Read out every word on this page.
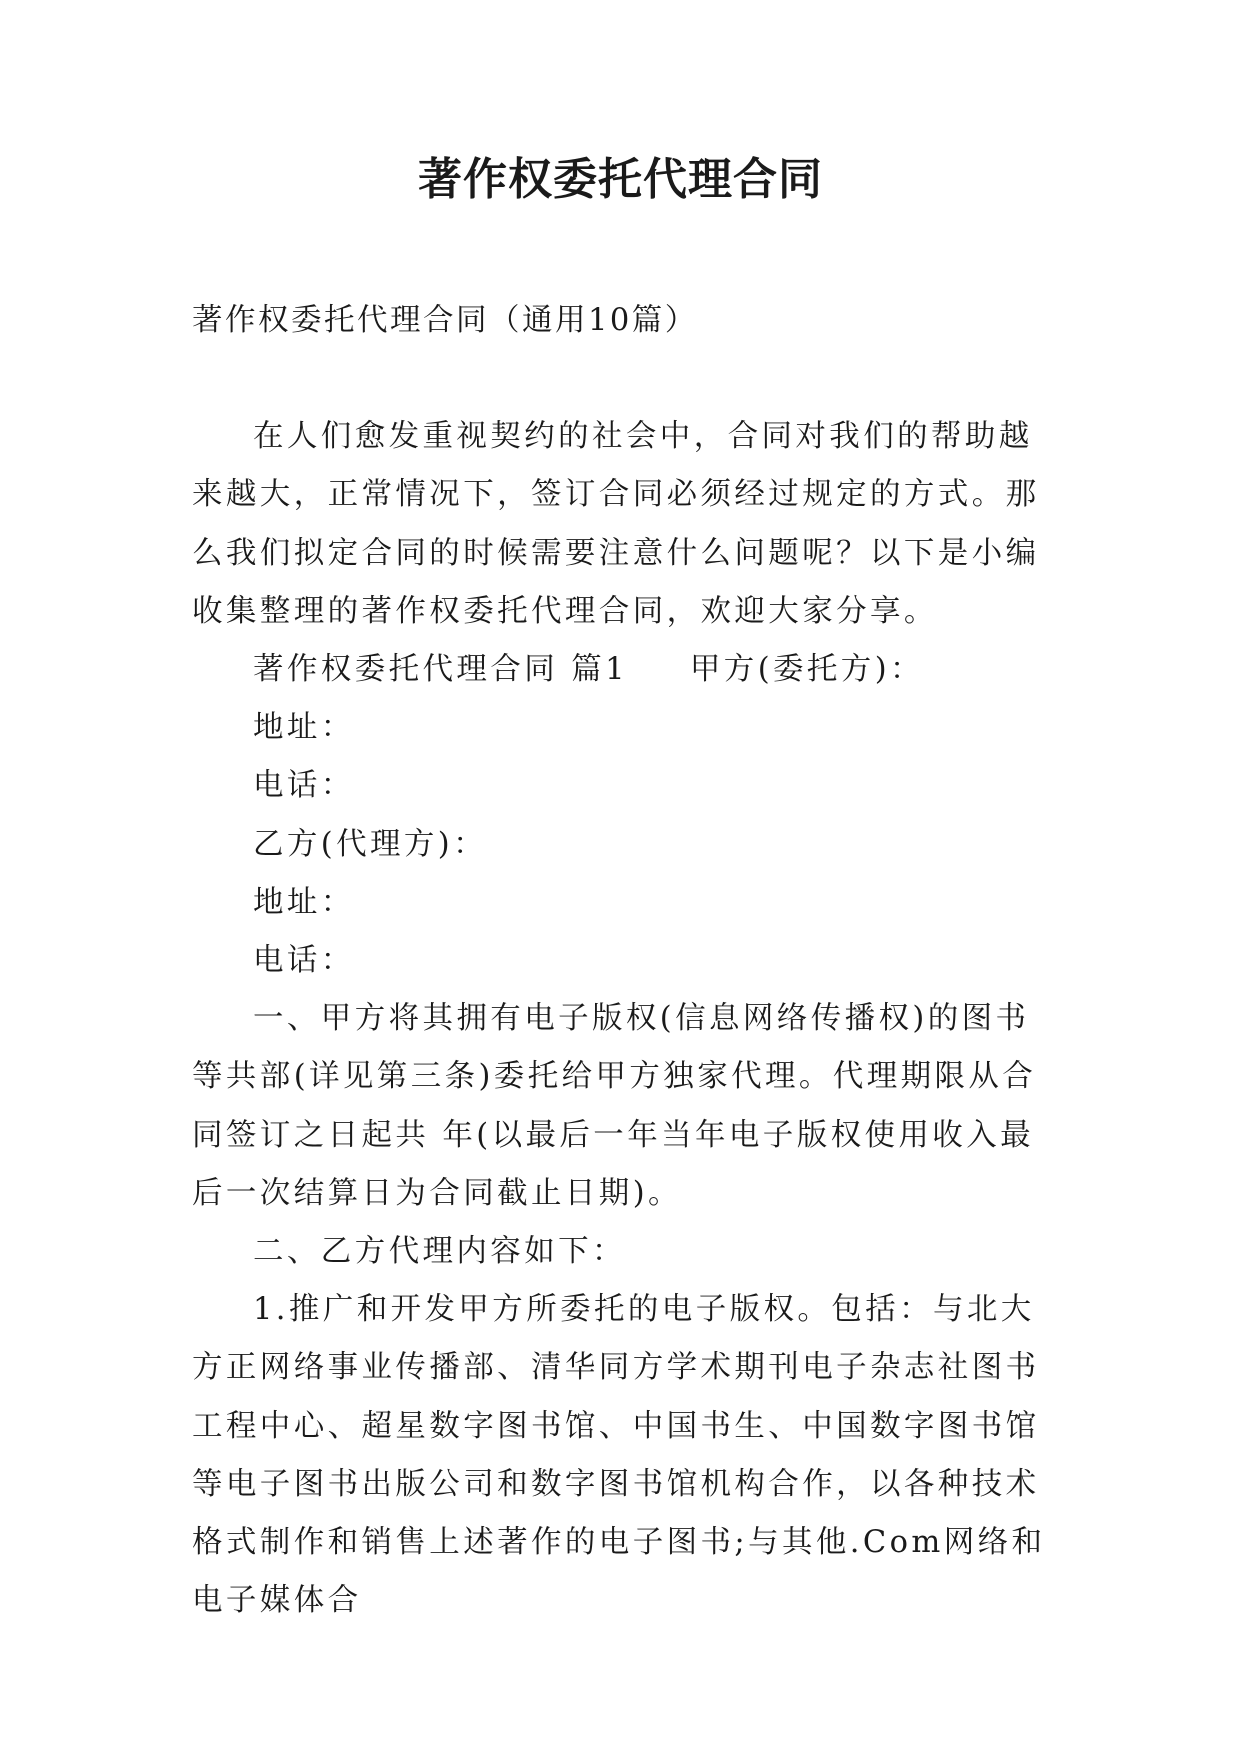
著作权委托代理合同

著作权委托代理合同（通用10篇）

在人们愈发重视契约的社会中，合同对我们的帮助越来越大，正常情况下，签订合同必须经过规定的方式。那么我们拟定合同的时候需要注意什么问题呢？以下是小编收集整理的著作权委托代理合同，欢迎大家分享。

著作权委托代理合同 篇1 甲方(委托方)：

地址：

电话：

乙方(代理方)：

地址：

电话：

一、甲方将其拥有电子版权(信息网络传播权)的图书等共部(详见第三条)委托给甲方独家代理。代理期限从合同签订之日起共 年(以最后一年当年电子版权使用收入最后一次结算日为合同截止日期)。

二、乙方代理内容如下：

1.推广和开发甲方所委托的电子版权。包括：与北大方正网络事业传播部、清华同方学术期刊电子杂志社图书工程中心、超星数字图书馆、中国书生、中国数字图书馆等电子图书出版公司和数字图书馆机构合作，以各种技术格式制作和销售上述著作的电子图书;与其他.Com网络和电子媒体合
